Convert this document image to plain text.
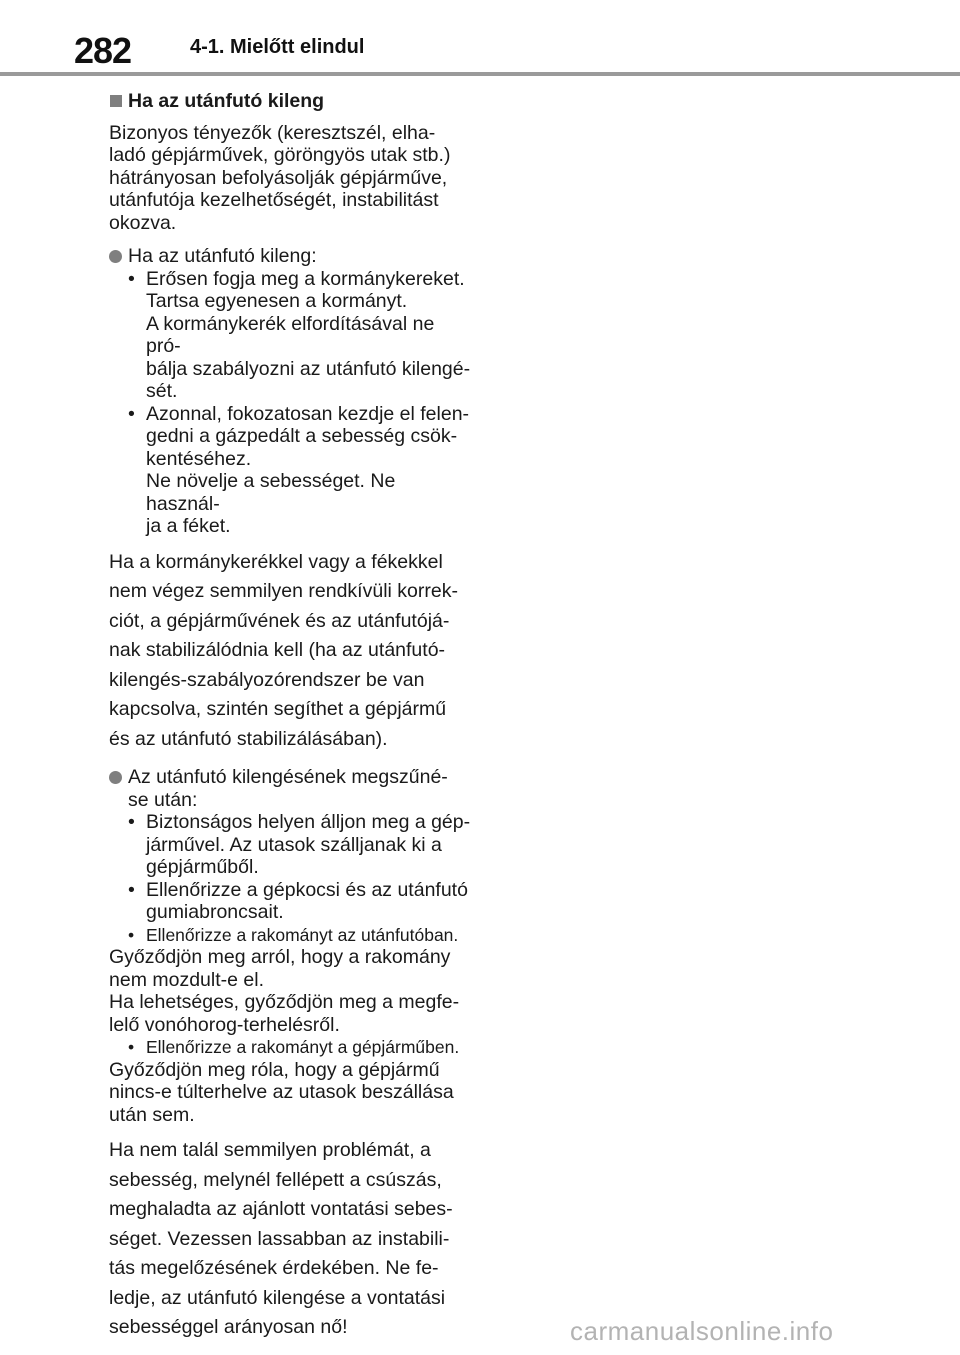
282	4-1. Mielőtt elindul
Ha az utánfutó kileng

Bizonyos tényezők (keresztszél, elha-
ladó gépjárművek, göröngyös utak stb.)
hátrányosan befolyásolják gépjárműve,
utánfutója kezelhetőségét, instabilitást
okozva.

Ha az utánfutó kileng:
• Erősen fogja meg a kormánykereket.
Tartsa egyenesen a kormányt.
A kormánykerék elfordításával ne pró-
bálja szabályozni az utánfutó kilengé-
sét.
• Azonnal, fokozatosan kezdje el felen-
gedni a gázpedált a sebesség csök-
kentéséhez.
Ne növelje a sebességet. Ne használ-
ja a féket.

Ha a kormánykerékkel vagy a fékekkel
nem végez semmilyen rendkívüli korrek-
ciót, a gépjárművének és az utánfutójá-
nak stabilizálódnia kell (ha az utánfutó-
kilengés-szabályozórendszer be van
kapcsolva, szintén segíthet a gépjármű
és az utánfutó stabilizálásában).

Az utánfutó kilengésének megszűné-
se után:
• Biztonságos helyen álljon meg a gép-
járművel. Az utasok szálljanak ki a
gépjárműből.
• Ellenőrizze a gépkocsi és az utánfutó
gumiabroncsait.
• Ellenőrizze a rakományt az utánfutóban.

Győződjön meg arról, hogy a rakomány
nem mozdult-e el.
Ha lehetséges, győződjön meg a megfe-
lelő vonóhorog-terhelésről.

• Ellenőrizze a rakományt a gépjárműben.

Győződjön meg róla, hogy a gépjármű
nincs-e túlterhelve az utasok beszállása
után sem.

Ha nem talál semmilyen problémát, a
sebesség, melynél fellépett a csúszás,
meghaladta az ajánlott vontatási sebes-
séget. Vezessen lassabban az instabili-
tás megelőzésének érdekében. Ne fe-
ledje, az utánfutó kilengése a vontatási
sebességgel arányosan nő!	carmanualsonline.info
